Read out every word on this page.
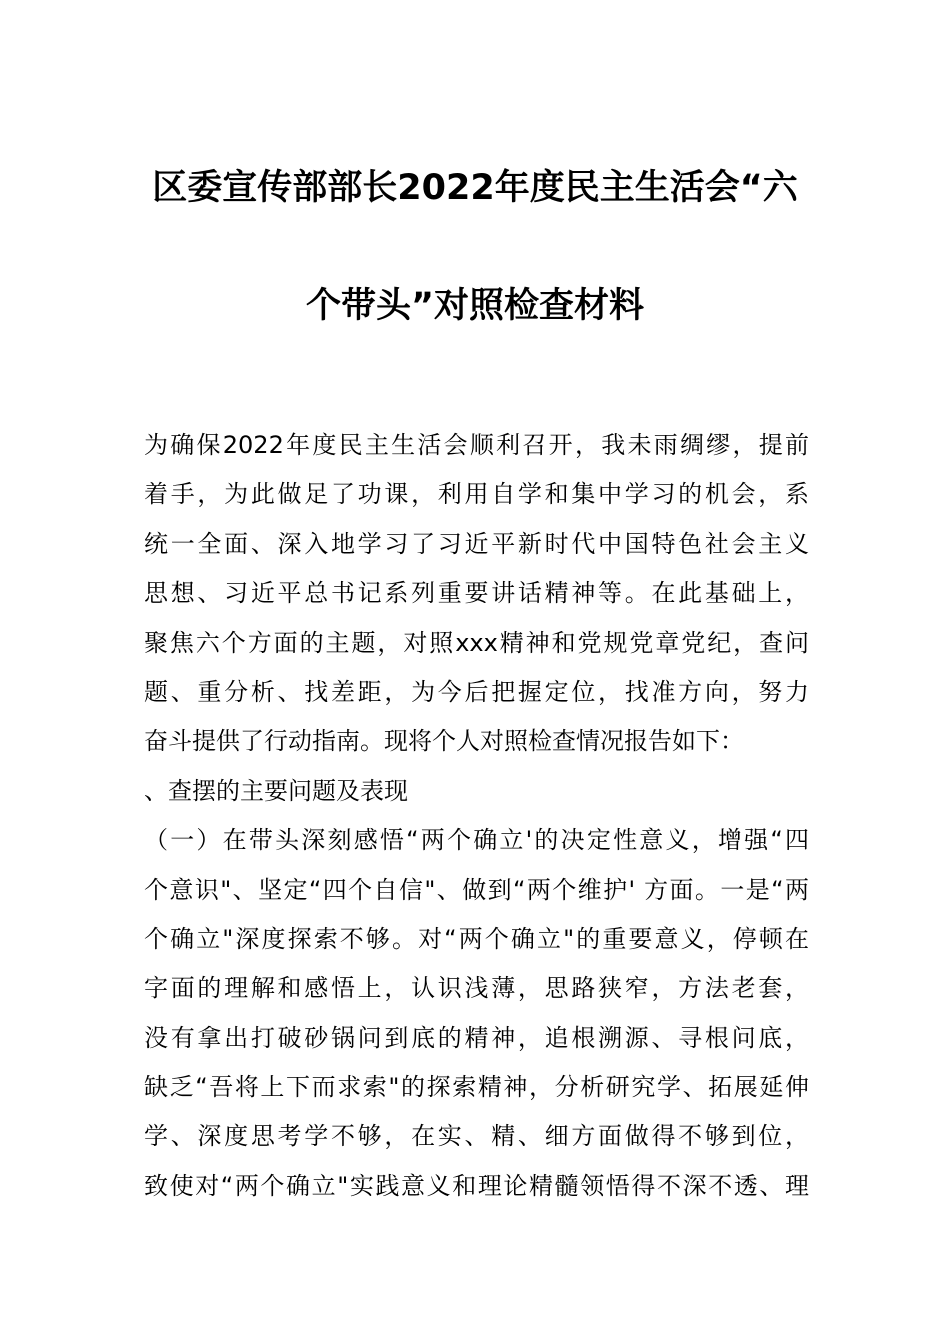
区委宣传部部长2022年度民主生活会“六
个带头”对照检查材料
为确保2022年度民主生活会顺利召开，我未雨绸缪，提前
着手，为此做足了功课，利用自学和集中学习的机会，系
统一全面、深入地学习了习近平新时代中国特色社会主义
思想、习近平总书记系列重要讲话精神等。在此基础上，
聚焦六个方面的主题，对照xxx精神和党规党章党纪，查问
题、重分析、找差距，为今后把握定位，找准方向，努力
奋斗提供了行动指南。现将个人对照检查情况报告如下：
、查摆的主要问题及表现
（一）在带头深刻感悟“两个确立'的决定性意义，增强“四
个意识"、坚定“四个自信"、做到“两个维护' 方面。一是“两
个确立"深度探索不够。对“两个确立"的重要意义，停顿在
字面的理解和感悟上，认识浅薄，思路狭窄，方法老套，
没有拿出打破砂锅问到底的精神，追根溯源、寻根问底，
缺乏“吾将上下而求索"的探索精神，分析研究学、拓展延伸
学、深度思考学不够，在实、精、细方面做得不够到位，
致使对“两个确立"实践意义和理论精髓领悟得不深不透、理
